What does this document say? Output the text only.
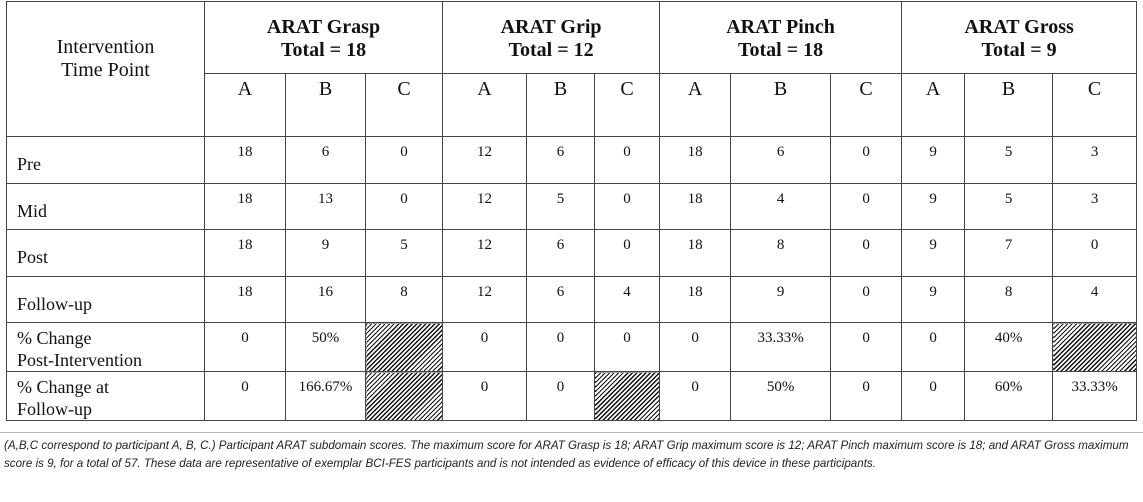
Intervention
Time Point	ARAT Grasp
Total = 18			ARAT Grip
Total = 12			ARAT Pinch
Total = 18			ARAT Gross
Total = 9		

	A	B	C	A	B	C	A	B	C	A	B	C

Pre	18	6	0	12	6	0	18	6	0	9	5	3

Mid	18	13	0	12	5	0	18	4	0	9	5	3

Post	18	9	5	12	6	0	18	8	0	9	7	0

Follow-up	18	16	8	12	6	4	18	9	0	9	8	4

% Change
Post-Intervention	0	50%		0	0	0	0	33.33%	0	0	40%	

% Change at
Follow-up	0	166.67%		0	0		0	50%	0	0	60%	33.33%
(A,B,C correspond to participant A, B, C.) Participant ARAT subdomain scores. The maximum score for ARAT Grasp is 18; ARAT Grip maximum score is 12; ARAT Pinch maximum score is 18; and ARAT Gross maximum score is 9, for a total of 57. These data are representative of exemplar BCI-FES participants and is not intended as evidence of efficacy of this device in these participants.
